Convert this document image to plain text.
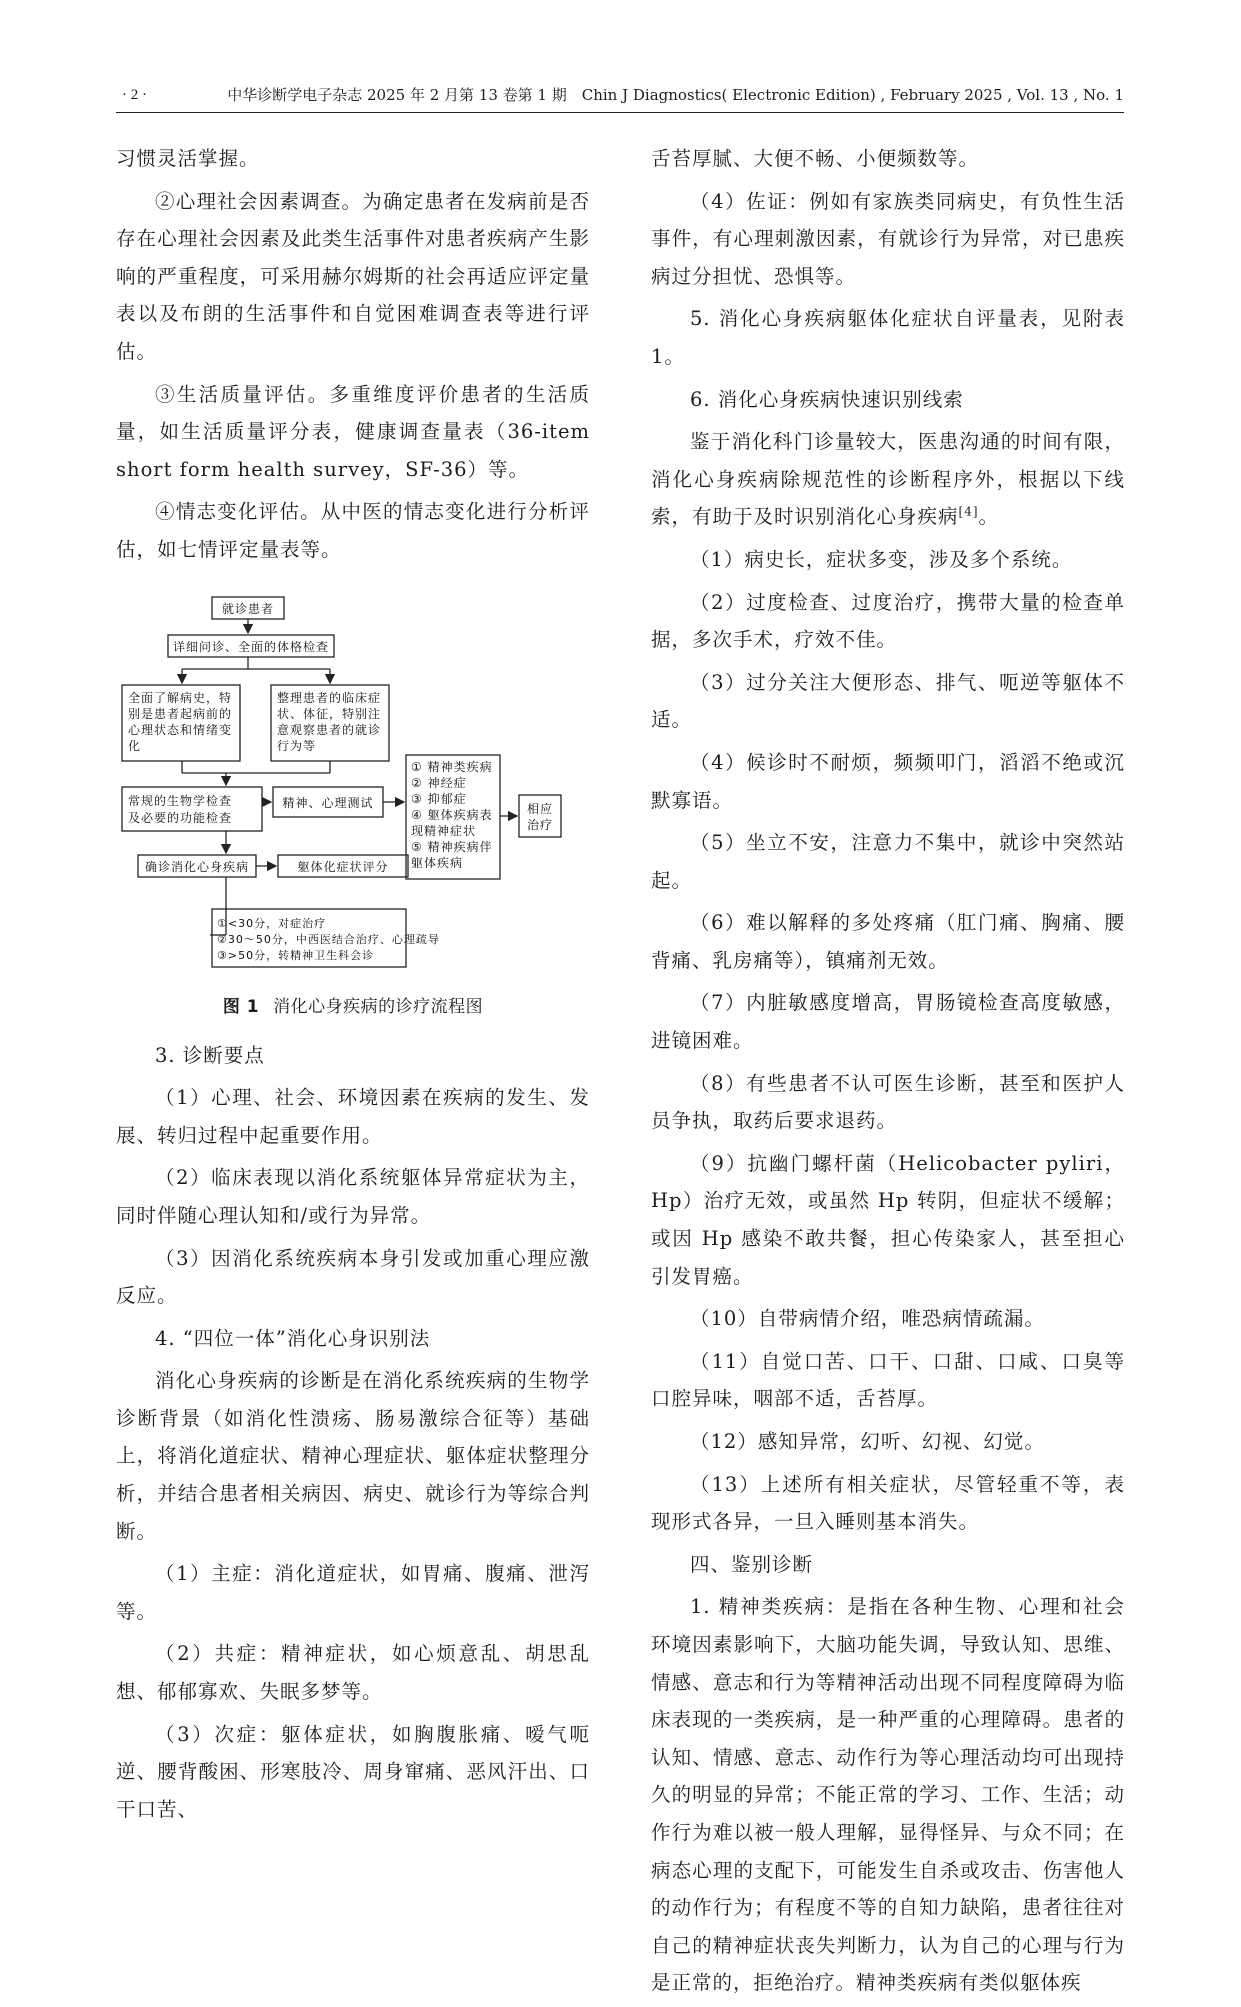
· 2 ·	中华诊断学电子杂志 2025 年 2 月第 13 卷第 1 期　Chin J Diagnostics( Electronic Edition) , February 2025 , Vol. 13 , No. 1

习惯灵活掌握。

②心理社会因素调查。为确定患者在发病前是否存在心理社会因素及此类生活事件对患者疾病产生影响的严重程度，可采用赫尔姆斯的社会再适应评定量表以及布朗的生活事件和自觉困难调查表等进行评估。

③生活质量评估。多重维度评价患者的生活质量，如生活质量评分表，健康调查量表（36-item short form health survey，SF-36）等。

④情志变化评估。从中医的情志变化进行分析评估，如七情评定量表等。

就诊患者
详细问诊、全面的体格检查
全面了解病史，特
别是患者起病前的
心理状态和情绪变
化
整理患者的临床症
状、体征，特别注
意观察患者的就诊
行为等
常规的生物学检查
及必要的功能检查
精神、心理测试
① 精神类疾病
② 神经症
③ 抑郁症
④ 躯体疾病表
现精神症状
⑤ 精神疾病伴
躯体疾病
相应
治疗
确诊消化心身疾病	躯体化症状评分
①<30分，对症治疗
②30～50分，中西医结合治疗、心理疏导
③>50分，转精神卫生科会诊

图 1 消化心身疾病的诊疗流程图

3. 诊断要点

（1）心理、社会、环境因素在疾病的发生、发展、转归过程中起重要作用。

（2）临床表现以消化系统躯体异常症状为主，同时伴随心理认知和/或行为异常。

（3）因消化系统疾病本身引发或加重心理应激反应。

4. “四位一体”消化心身识别法

消化心身疾病的诊断是在消化系统疾病的生物学诊断背景（如消化性溃疡、肠易激综合征等）基础上，将消化道症状、精神心理症状、躯体症状整理分析，并结合患者相关病因、病史、就诊行为等综合判断。

（1）主症：消化道症状，如胃痛、腹痛、泄泻等。

（2）共症：精神症状，如心烦意乱、胡思乱想、郁郁寡欢、失眠多梦等。

（3）次症：躯体症状，如胸腹胀痛、嗳气呃逆、腰背酸困、形寒肢冷、周身窜痛、恶风汗出、口干口苦、

舌苔厚腻、大便不畅、小便频数等。

（4）佐证：例如有家族类同病史，有负性生活事件，有心理刺激因素，有就诊行为异常，对已患疾病过分担忧、恐惧等。

5. 消化心身疾病躯体化症状自评量表，见附表 1。

6. 消化心身疾病快速识别线索

鉴于消化科门诊量较大，医患沟通的时间有限，消化心身疾病除规范性的诊断程序外，根据以下线索，有助于及时识别消化心身疾病[4]。

（1）病史长，症状多变，涉及多个系统。

（2）过度检查、过度治疗，携带大量的检查单据，多次手术，疗效不佳。

（3）过分关注大便形态、排气、呃逆等躯体不适。

（4）候诊时不耐烦，频频叩门，滔滔不绝或沉默寡语。

（5）坐立不安，注意力不集中，就诊中突然站起。

（6）难以解释的多处疼痛（肛门痛、胸痛、腰背痛、乳房痛等），镇痛剂无效。

（7）内脏敏感度增高，胃肠镜检查高度敏感，进镜困难。

（8）有些患者不认可医生诊断，甚至和医护人员争执，取药后要求退药。

（9）抗幽门螺杆菌（Helicobacter pyliri，Hp）治疗无效，或虽然 Hp 转阴，但症状不缓解；或因 Hp 感染不敢共餐，担心传染家人，甚至担心引发胃癌。

（10）自带病情介绍，唯恐病情疏漏。

（11）自觉口苦、口干、口甜、口咸、口臭等口腔异味，咽部不适，舌苔厚。

（12）感知异常，幻听、幻视、幻觉。

（13）上述所有相关症状，尽管轻重不等，表现形式各异，一旦入睡则基本消失。

四、鉴别诊断

1. 精神类疾病：是指在各种生物、心理和社会环境因素影响下，大脑功能失调，导致认知、思维、情感、意志和行为等精神活动出现不同程度障碍为临床表现的一类疾病，是一种严重的心理障碍。患者的认知、情感、意志、动作行为等心理活动均可出现持久的明显的异常；不能正常的学习、工作、生活；动作行为难以被一般人理解，显得怪异、与众不同；在病态心理的支配下，可能发生自杀或攻击、伤害他人的动作行为；有程度不等的自知力缺陷，患者往往对自己的精神症状丧失判断力，认为自己的心理与行为是正常的，拒绝治疗。精神类疾病有类似躯体疾
